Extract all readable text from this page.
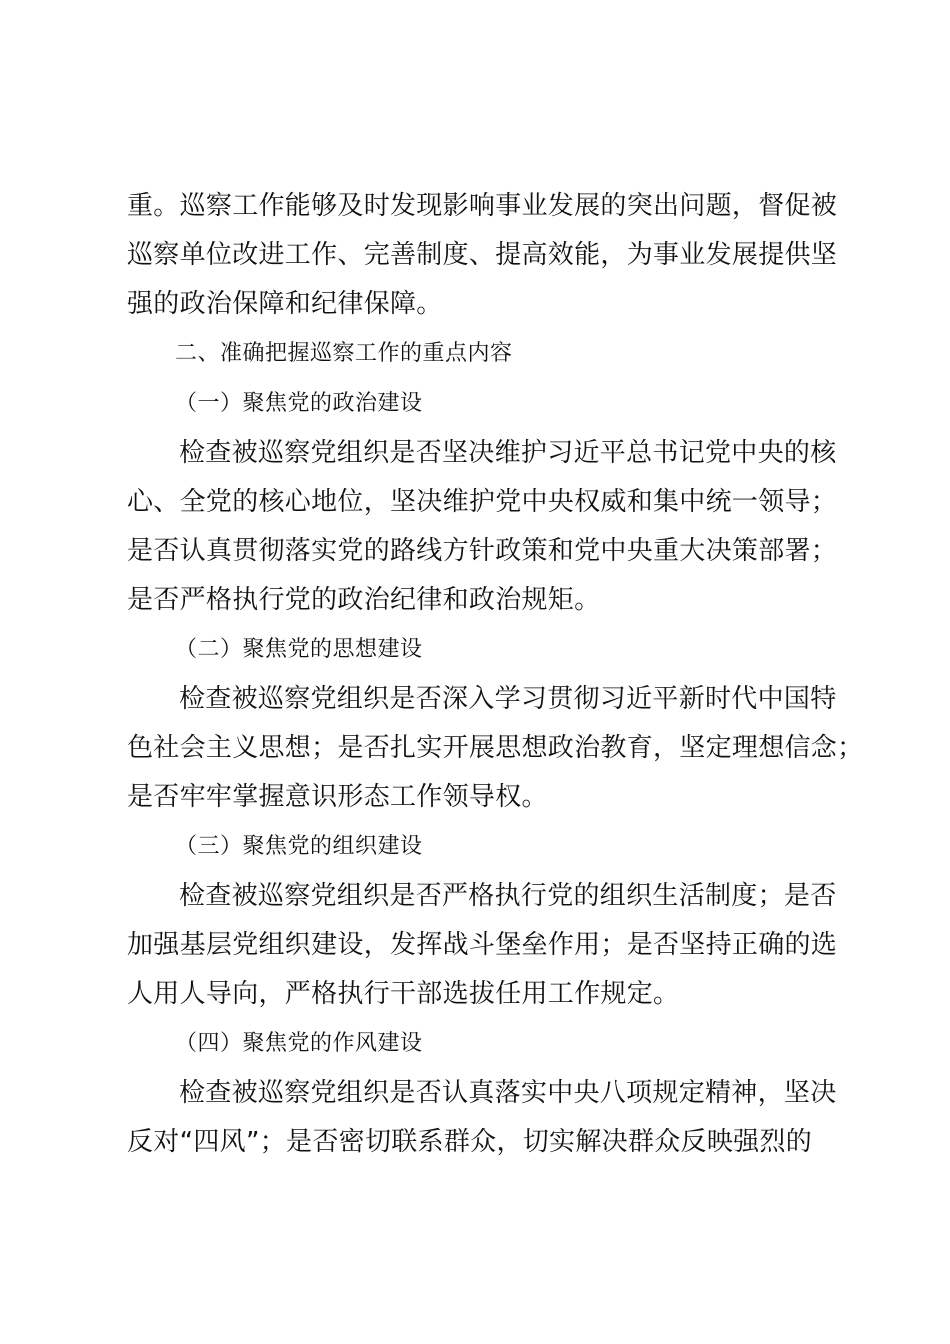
重。巡察工作能够及时发现影响事业发展的突出问题，督促被
巡察单位改进工作、完善制度、提高效能，为事业发展提供坚
强的政治保障和纪律保障。
二、准确把握巡察工作的重点内容
（一）聚焦党的政治建设
检查被巡察党组织是否坚决维护习近平总书记党中央的核
心、全党的核心地位，坚决维护党中央权威和集中统一领导；
是否认真贯彻落实党的路线方针政策和党中央重大决策部署；
是否严格执行党的政治纪律和政治规矩。
（二）聚焦党的思想建设
检查被巡察党组织是否深入学习贯彻习近平新时代中国特
色社会主义思想；是否扎实开展思想政治教育，坚定理想信念；
是否牢牢掌握意识形态工作领导权。
（三）聚焦党的组织建设
检查被巡察党组织是否严格执行党的组织生活制度；是否
加强基层党组织建设，发挥战斗堡垒作用；是否坚持正确的选
人用人导向，严格执行干部选拔任用工作规定。
（四）聚焦党的作风建设
检查被巡察党组织是否认真落实中央八项规定精神，坚决
反对“四风”；是否密切联系群众，切实解决群众反映强烈的
